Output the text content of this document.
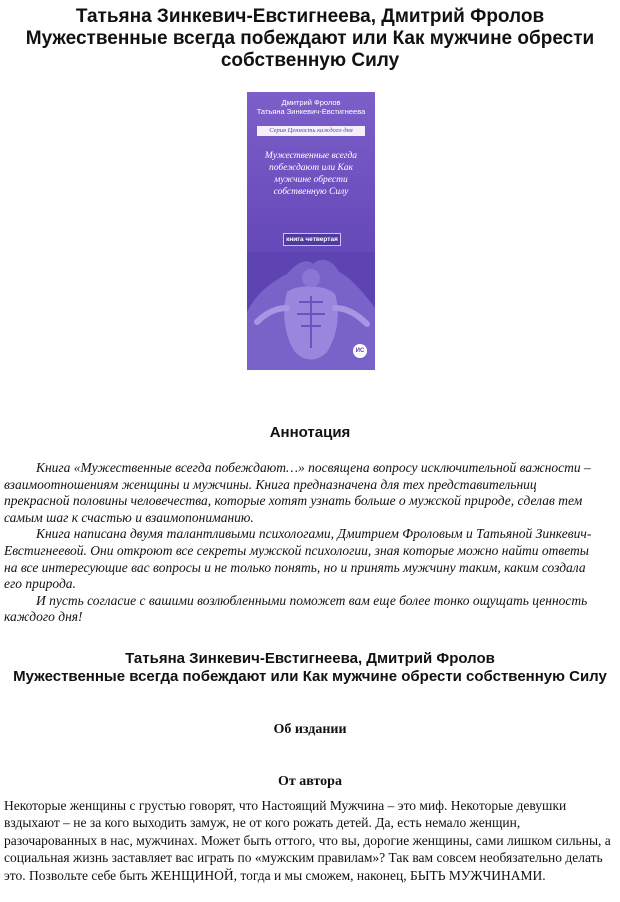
Татьяна Зинкевич-Евстигнеева, Дмитрий Фролов
Мужественные всегда побеждают или Как мужчине обрести собственную Силу
Дмитрий Фролов
Татьяна Зинкевич-Евстигнеева
Серия Ценность каждого дня
Мужественные всегда побеждают или Как мужчине обрести собственную Силу
книга четвертая
ИС
Аннотация

Книга «Мужественные всегда побеждают…» посвящена вопросу исключительной важности – взаимоотношениям женщины и мужчины. Книга предназначена для тех представительниц прекрасной половины человечества, которые хотят узнать больше о мужской природе, сделав тем самым шаг к счастью и взаимопониманию.

Книга написана двумя талантливыми психологами, Дмитрием Фроловым и Татьяной Зинкевич-Евстигнеевой. Они откроют все секреты мужской психологии, зная которые можно найти ответы на все интересующие вас вопросы и не только понять, но и принять мужчину таким, каким создала его природа.

И пусть согласие с вашими возлюбленными поможет вам еще более тонко ощущать ценность каждого дня!

Татьяна Зинкевич-Евстигнеева, Дмитрий Фролов
Мужественные всегда побеждают или Как мужчине обрести собственную Силу
Об издании
От автора

Некоторые женщины с грустью говорят, что Настоящий Мужчина – это миф. Некоторые девушки вздыхают – не за кого выходить замуж, не от кого рожать детей. Да, есть немало женщин, разочарованных в нас, мужчинах. Может быть оттого, что вы, дорогие женщины, сами лишком сильны, а социальная жизнь заставляет вас играть по «мужским правилам»? Так вам совсем необязательно делать это. Позвольте себе быть ЖЕНЩИНОЙ, тогда и мы сможем, наконец, БЫТЬ МУЖЧИНАМИ.
